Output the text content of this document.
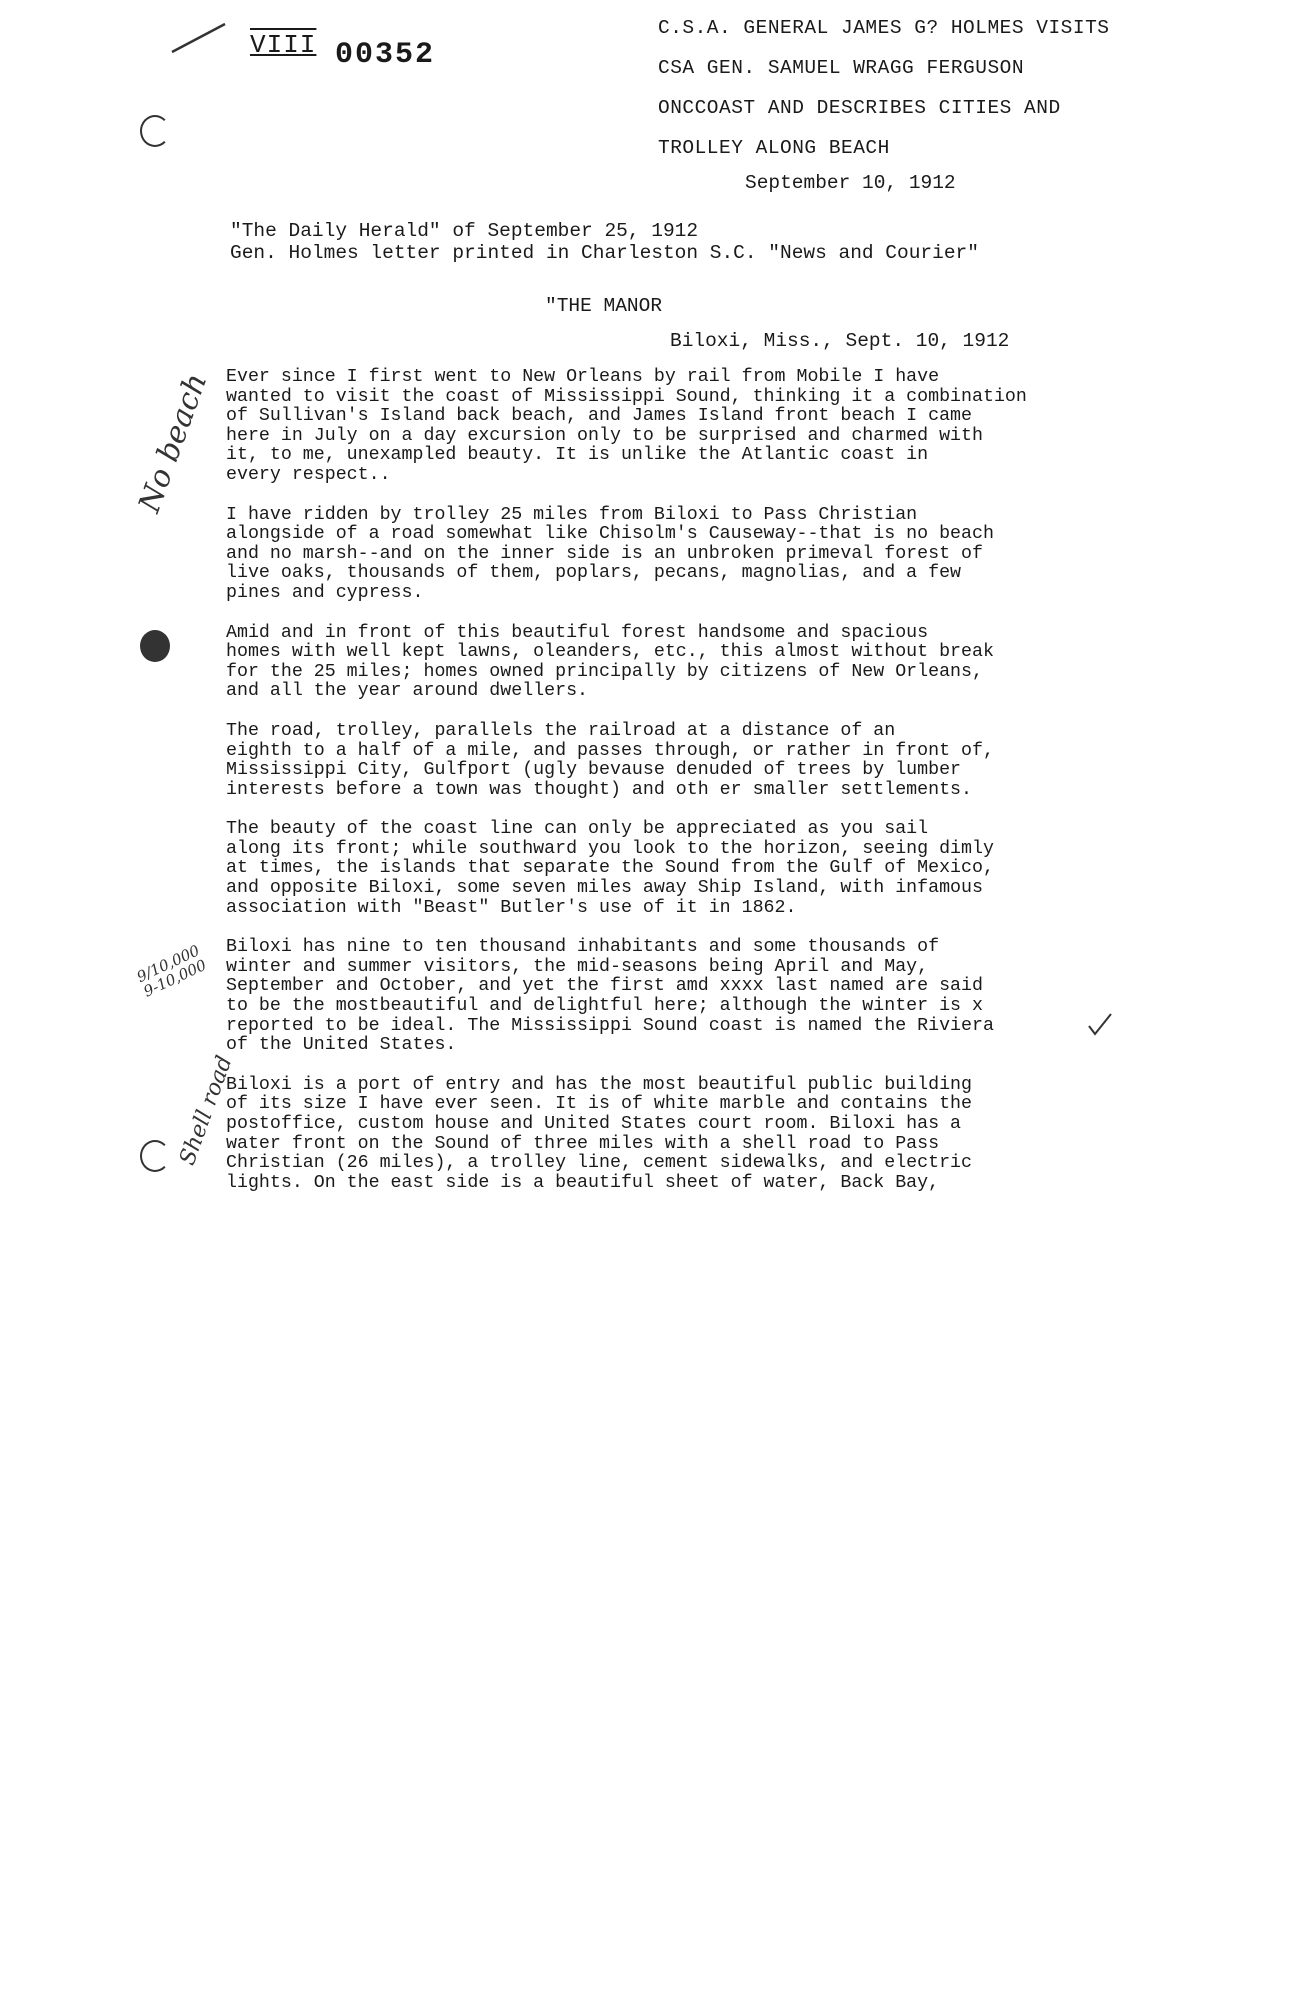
VIII 00352
C.S.A. GENERAL JAMES G? HOLMES VISITS
CSA GEN. SAMUEL WRAGG FERGUSON
ONCCOAST AND DESCRIBES CITIES AND
TROLLEY ALONG BEACH
September 10, 1912
"The Daily Herald" of September 25, 1912
Gen. Holmes letter printed in Charleston S.C. "News and Courier"
"THE MANOR
Biloxi, Miss., Sept. 10, 1912

Ever since I first went to New Orleans by rail from Mobile I have
wanted to visit the coast of Mississippi Sound, thinking it a combination
of Sullivan's Island back beach, and James Island front beach I came
here in July on a day excursion only to be surprised and charmed with
it, to me, unexampled beauty. It is unlike the Atlantic coast in
every respect..

I have ridden by trolley 25 miles from Biloxi to Pass Christian
alongside of a road somewhat like Chisolm's Causeway--that is no beach
and no marsh--and on the inner side is an unbroken primeval forest of
live oaks, thousands of them, poplars, pecans, magnolias, and a few
pines and cypress.

Amid and in front of this beautiful forest handsome and spacious
homes with well kept lawns, oleanders, etc., this almost without break
for the 25 miles; homes owned principally by citizens of New Orleans,
and all the year around dwellers.

The road, trolley, parallels the railroad at a distance of an
eighth to a half of a mile, and passes through, or rather in front of,
Mississippi City, Gulfport (ugly bevause denuded of trees by lumber
interests before a town was thought) and oth er smaller settlements.

The beauty of the coast line can only be appreciated as you sail
along its front; while southward you look to the horizon, seeing dimly
at times, the islands that separate the Sound from the Gulf of Mexico,
and opposite Biloxi, some seven miles away Ship Island, with infamous
association with "Beast" Butler's use of it in 1862.

Biloxi has nine to ten thousand inhabitants and some thousands of
winter and summer visitors, the mid-seasons being April and May,
September and October, and yet the first amd xxxx last named are said
to be the mostbeautiful and delightful here; although the winter is x
reported to be ideal. The Mississippi Sound coast is named the Riviera
of the United States.

Biloxi is a port of entry and has the most beautiful public building
of its size I have ever seen. It is of white marble and contains the
postoffice, custom house and United States court room. Biloxi has a
water front on the Sound of three miles with a shell road to Pass
Christian (26 miles), a trolley line, cement sidewalks, and electric
lights. On the east side is a beautiful sheet of water, Back Bay,

No beach
9/10,000
9-10,000
Shell road
